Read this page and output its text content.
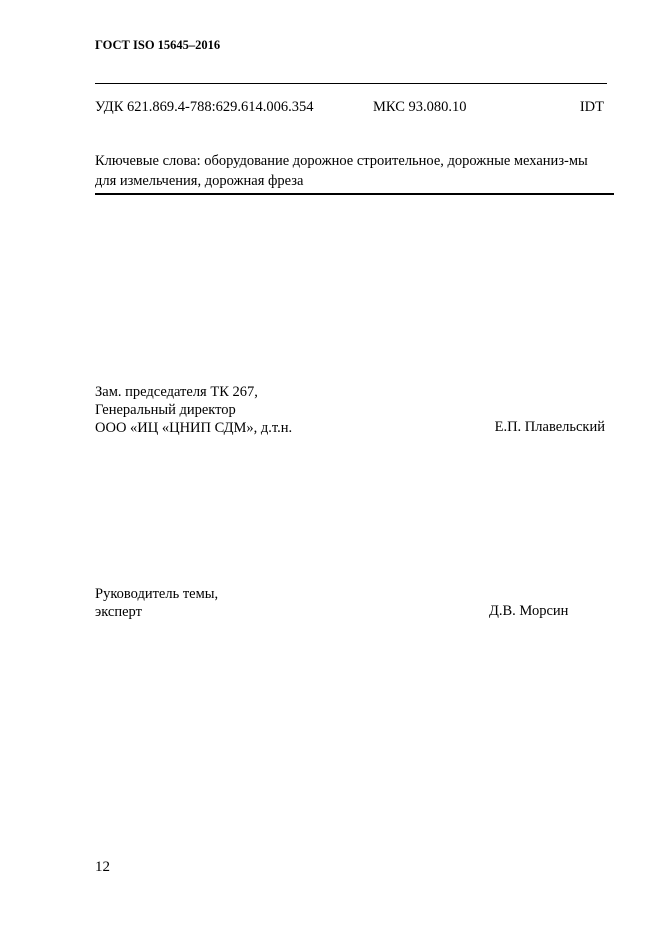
ГОСТ ISO 15645–2016
УДК 621.869.4-788:629.614.006.354	МКС 93.080.10	IDT
Ключевые слова: оборудование дорожное строительное, дорожные механиз-мы для измельчения, дорожная фреза
Зам. председателя ТК 267,
Генеральный директор
ООО «ИЦ «ЦНИП СДМ», д.т.н.	Е.П. Плавельский
Руководитель темы,
эксперт	Д.В. Морсин
12
